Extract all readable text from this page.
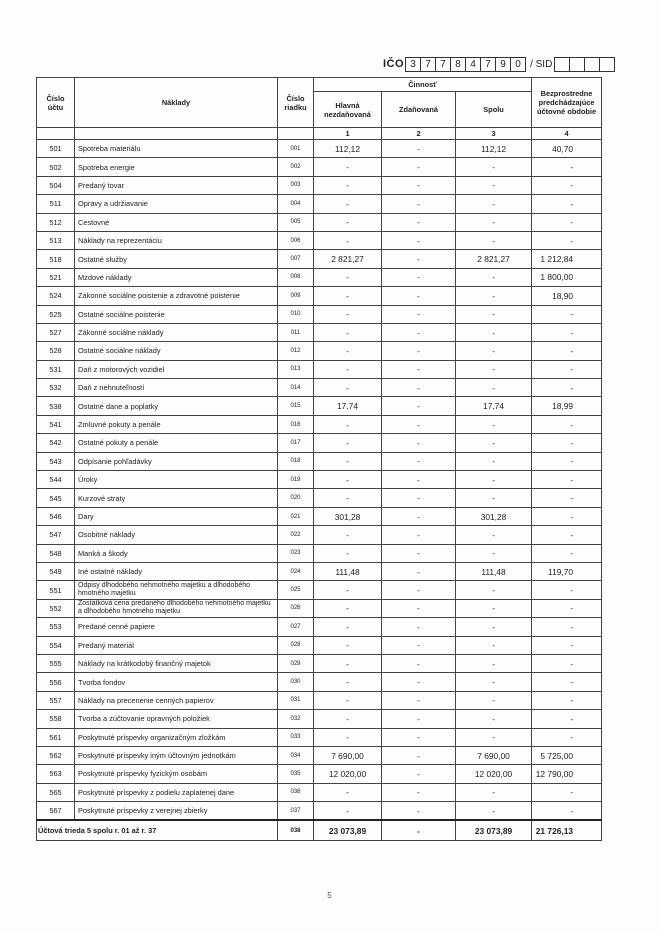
IČO 3 7 7 8 4 7 9 0 / SID
Číslo účtu	Náklady	Číslo riadku	Činnosť			Bezprostredne predchádzajúce účtovné obdobie
			Hlavná nezdaňovaná	Zdaňovaná	Spolu	
			1	2	3	4
501	Spotreba materiálu	001	112,12	-	112,12	40,70
502	Spotreba energie	002	-	-	-	-
504	Predaný tovar	003	-	-	-	-
511	Opravy a udržiavanie	004	-	-	-	-
512	Cestovné	005	-	-	-	-
513	Náklady na reprezentáciu	006	-	-	-	-
518	Ostatné služby	007	2 821,27	-	2 821,27	1 212,84
521	Mzdové náklady	008	-	-	-	1 800,00
524	Zákonné sociálne poistenie a zdravotné poistenie	009	-	-	-	18,90
525	Ostatné sociálne poistenie	010	-	-	-	-
527	Zákonné sociálne náklady	011	-	-	-	-
528	Ostatné sociálne náklady	012	-	-	-	-
531	Daň z motorových vozidiel	013	-	-	-	-
532	Daň z nehnuteľností	014	-	-	-	-
538	Ostatné dane a poplatky	015	17,74	-	17,74	18,99
541	Zmluvné pokuty a penále	016	-	-	-	-
542	Ostatné pokuty a penále	017	-	-	-	-
543	Odpísanie pohľadávky	018	-	-	-	-
544	Úroky	019	-	-	-	-
545	Kurzové straty	020	-	-	-	-
546	Dary	021	301,28	-	301,28	-
547	Osobitné náklady	022	-	-	-	-
548	Manká a škody	023	-	-	-	-
549	Iné ostatné náklady	024	111,48	-	111,48	119,70
551	Odpisy dlhodobého nehmotného majetku a dlhodobého hmotného majetku	025	-	-	-	-
552	Zostatková cena predaného dlhodobého nehmotného majetku a dlhodobého hmotného majetku	026	-	-	-	-
553	Predané cenné papiere	027	-	-	-	-
554	Predaný materiál	028	-	-	-	-
555	Náklady na krátkodobý finančný majetok	029	-	-	-	-
556	Tvorba fondov	030	-	-	-	-
557	Náklady na precenenie cenných papierov	031	-	-	-	-
558	Tvorba a zúčtovanie opravných položiek	032	-	-	-	-
561	Poskytnuté príspevky organizačným zložkám	033	-	-	-	-
562	Poskytnuté príspevky iným účtovným jednotkám	034	7 690,00	-	7 690,00	5 725,00
563	Poskytnuté príspevky fyzickým osobám	035	12 020,00	-	12 020,00	12 790,00
565	Poskytnuté príspevky z podielu zaplatenej dane	036	-	-	-	-
567	Poskytnuté príspevky z verejnej zbierky	037	-	-	-	-
Účtová trieda 5 spolu r. 01 až r. 37		038	23 073,89	-	23 073,89	21 726,13
5
